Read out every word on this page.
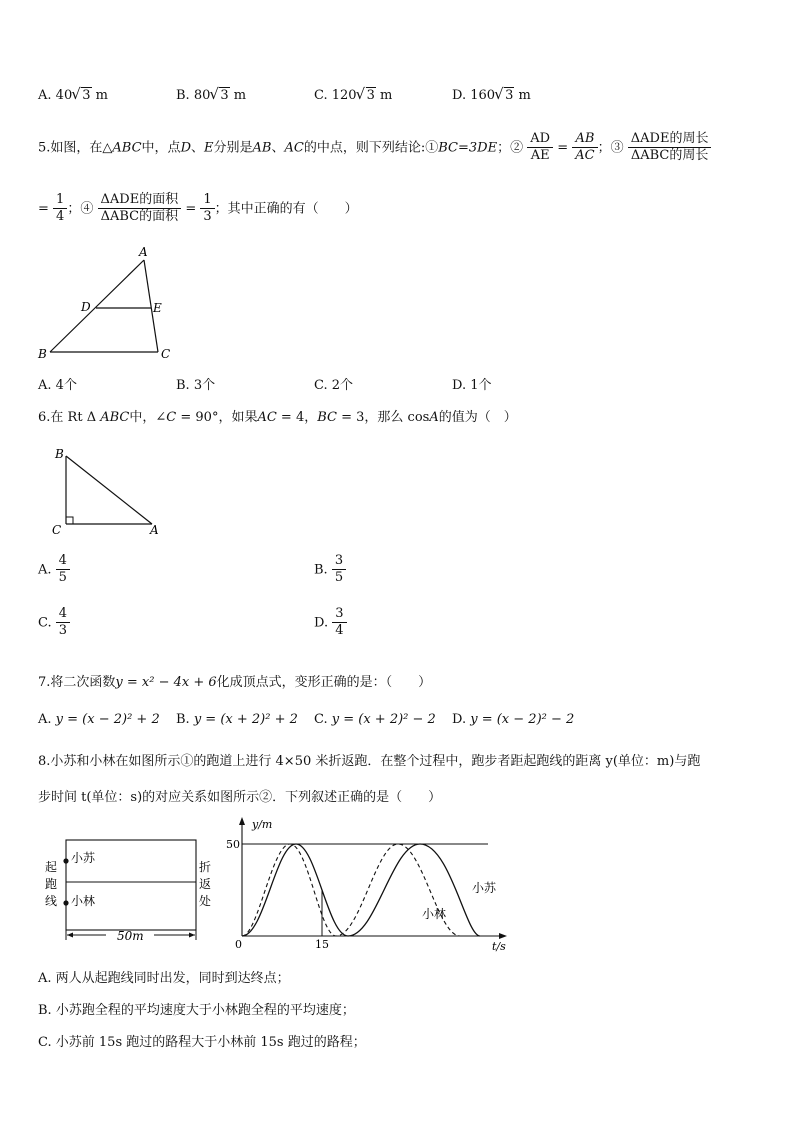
A. 40 √ 3 m	B. 80 √ 3 m	C. 120 √ 3 m	D. 160 √ 3 m
5.如图，在△ABC中，点D、E分别是AB、AC的中点，则下列结论:①BC=3DE；② $\frac{AD}{AE} = \frac{AB}{AC}$ ；③ $\frac{\text{ΔADE的周长}}{\text{ΔABC的周长}}$
= $\frac{1}{4}$ ；④ $\frac{\text{ΔADE的面积}}{\text{ΔABC的面积}} = \frac{1}{3}$ ；其中正确的有（　　）
A
B	C
D	E
A. 4个	B. 3个	C. 2个	D. 1个
6.在 Rt Δ ABC中，∠C = 90°，如果AC = 4，BC = 3，那么 cosA的值为（　）
B
C	A
A. $\frac{4}{5}$	B. $\frac{3}{5}$
C. $\frac{4}{3}$	D. $\frac{3}{4}$
7.将二次函数y = x² − 4x + 6化成顶点式，变形正确的是：（　　）
A. y = (x − 2)² + 2 B. y = (x + 2)² + 2 C. y = (x + 2)² − 2 D. y = (x − 2)² − 2
8.小苏和小林在如图所示①的跑道上进行 4×50 米折返跑．在整个过程中，跑步者距起跑线的距离 y(单位：m)与跑
步时间 t(单位：s)的对应关系如图所示②．下列叙述正确的是（　　）
小苏
小林
起
跑
线
折
返
处
50m
y/m
50
0	15	t/s
小苏
小林
A. 两人从起跑线同时出发，同时到达终点；
B. 小苏跑全程的平均速度大于小林跑全程的平均速度；
C. 小苏前 15s 跑过的路程大于小林前 15s 跑过的路程；
